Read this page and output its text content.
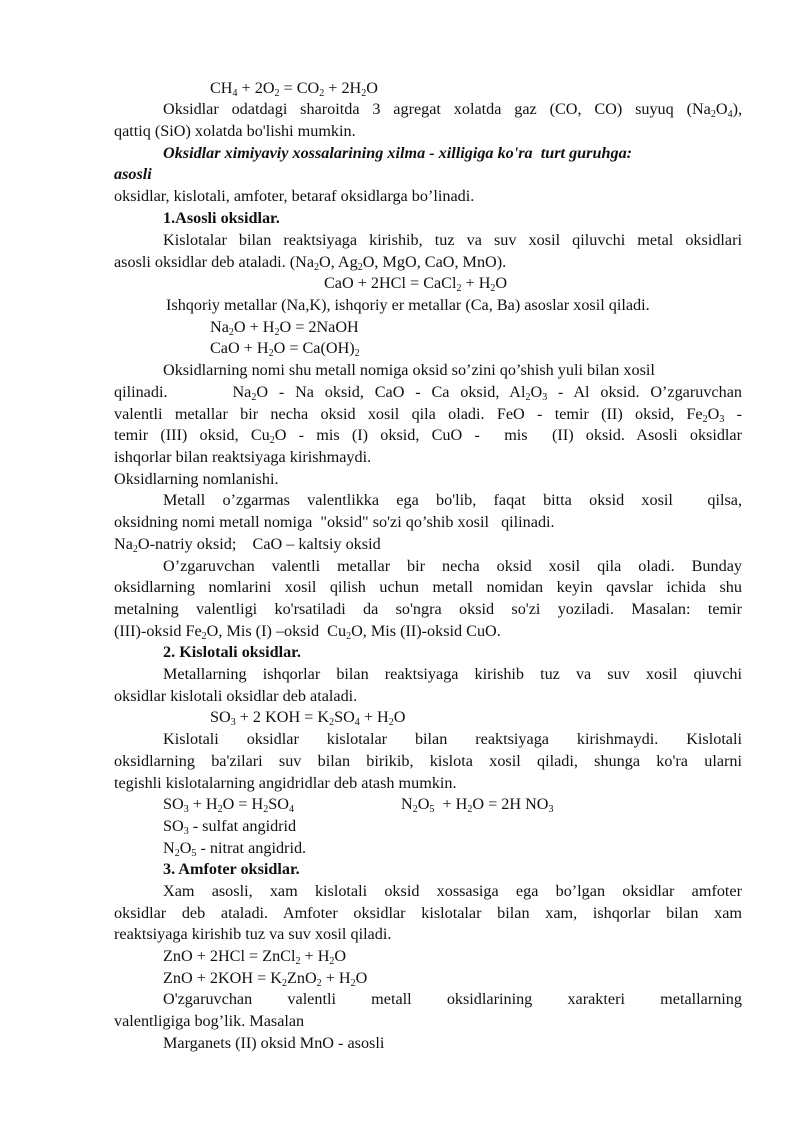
$CH_4 + 2O_2 = CO_2 + 2H_2O$
Oksidlar odatdagi sharoitda 3 agregat xolatda gaz (CO, CO) suyuq $(Na_2O_4)$,
qattiq (SiO) xolatda bo'lishi mumkin.
Oksidlar ximiyaviy xossalarining xilma - xilligiga ko'ra  turt guruhga:
asosli
oksidlar, kislotali, amfoter, betaraf oksidlarga bo’linadi.
1.Asosli oksidlar.
Kislotalar bilan reaktsiyaga kirishib, tuz va suv xosil qiluvchi metal oksidlari
asosli oksidlar deb ataladi. ($Na_2O$, $Ag_2O$, MgO, CaO, MnO).
CaO + 2HCl = CaCl$_2$ + $H_2O$
Ishqoriy metallar (Na,K), ishqoriy er metallar (Ca, Ba) asoslar xosil qiladi.
$Na_2O + H_2O$ = 2NaOH
CaO + $H_2O = Ca(OH)_2$
Oksidlarning nomi shu metall nomiga oksid so’zini qo’shish yuli bilan xosil
qilinadi.      $Na_2O$ - Na oksid, CaO - Ca oksid, $Al_2O_3$ - Al oksid. O’zgaruvchan
valentli metallar bir necha oksid xosil qila oladi. FeO - temir (II) oksid, $Fe_2O_3$ -
temir (III) oksid, $Cu_2O$ - mis (I) oksid, CuO -  mis  (II) oksid. Asosli oksidlar
ishqorlar bilan reaktsiyaga kirishmaydi.
Oksidlarning nomlanishi.
Metall o’zgarmas valentlikka ega bo'lib, faqat bitta oksid xosil  qilsa,
oksidning nomi metall nomiga  "oksid" so'zi qo’shib xosil   qilinadi.
$Na_2O$-natriy oksid;    CaO – kaltsiy oksid
O’zgaruvchan valentli metallar bir necha oksid xosil qila oladi. Bunday
oksidlarning nomlarini xosil qilish uchun metall nomidan keyin qavslar ichida shu
metalning valentligi ko'rsatiladi da so'ngra oksid so'zi yoziladi. Masalan: temir
(III)-oksid $Fe_2O$, Mis (I) –oksid  $Cu_2O$, Mis (II)-oksid CuO.
2. Kislotali oksidlar.
Metallarning ishqorlar bilan reaktsiyaga kirishib tuz va suv xosil qiuvchi
oksidlar kislotali oksidlar deb ataladi.
$SO_3 + 2$ KOH = $K_2SO_4 + H_2O$
Kislotali oksidlar kislotalar bilan reaktsiyaga kirishmaydi. Kislotali
oksidlarning ba'zilari suv bilan birikib, kislota xosil qiladi, shunga ko'ra ularni
tegishli kislotalarning angidridlar deb atash mumkin.
$SO_3 + H_2O = H_2SO_4$	$N_2O_5 + H_2O = 2H$ $NO_3$
$SO_3$ - sulfat angidrid
$N_2O_5$ - nitrat angidrid.
3. Amfoter oksidlar.
Xam asosli, xam kislotali oksid xossasiga ega bo’lgan oksidlar amfoter
oksidlar deb ataladi. Amfoter oksidlar kislotalar bilan xam, ishqorlar bilan xam
reaktsiyaga kirishib tuz va suv xosil qiladi.
ZnO + 2HCl = ZnCl$_2$ + $H_2O$
ZnO + $2KOH = K_2ZnO_2 + H_2O$
O'zgaruvchan valentli metall oksidlarining xarakteri metallarning
valentligiga bog’lik. Masalan
Marganets (II) oksid MnO - asosli
